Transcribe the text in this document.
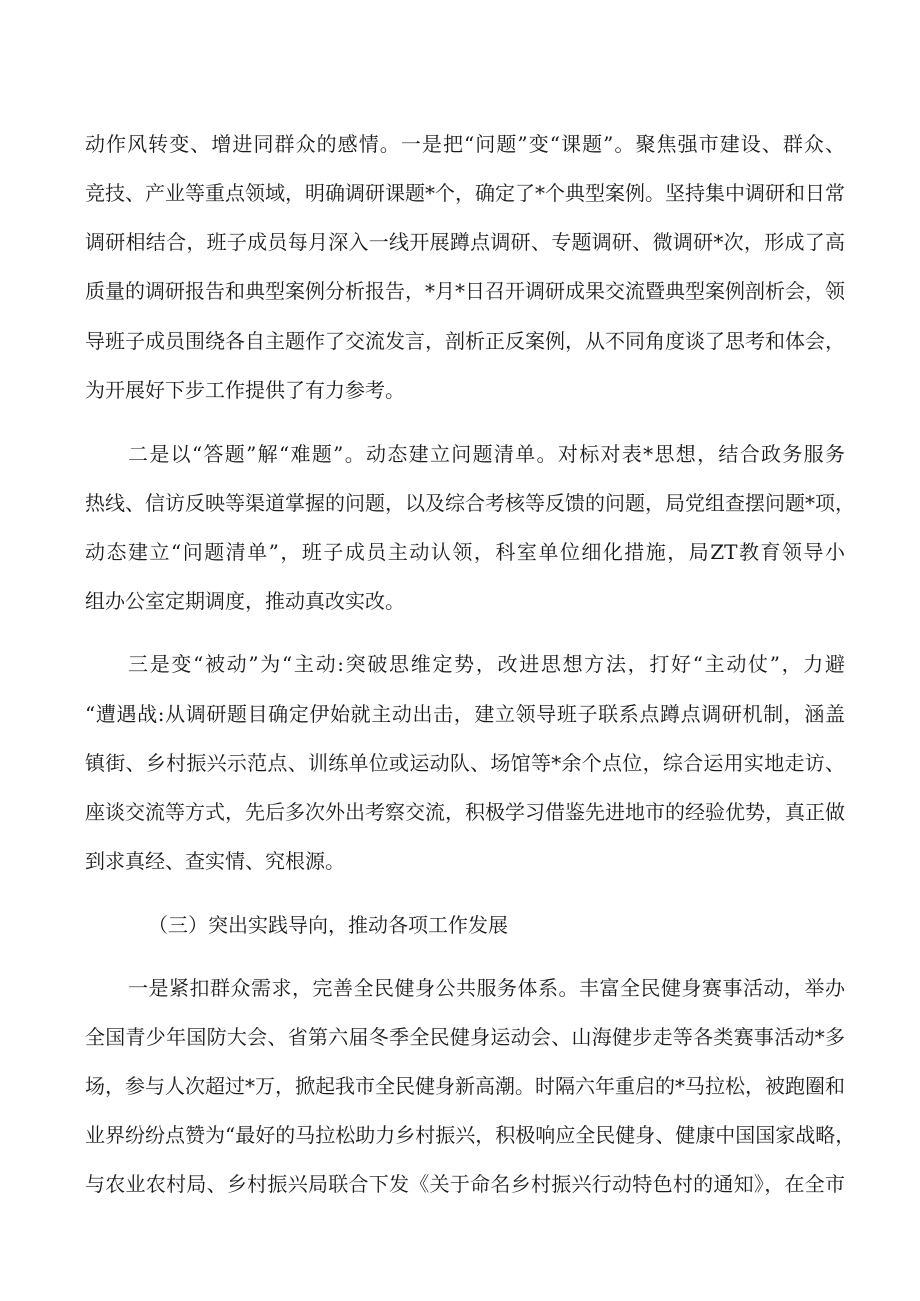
动作风转变、增进同群众的感情。一是把“问题”变“课题”。聚焦强市建设、群众、
竞技、产业等重点领域，明确调研课题*个，确定了*个典型案例。坚持集中调研和日常
调研相结合，班子成员每月深入一线开展蹲点调研、专题调研、微调研*次，形成了高
质量的调研报告和典型案例分析报告，*月*日召开调研成果交流暨典型案例剖析会，领
导班子成员围绕各自主题作了交流发言，剖析正反案例，从不同角度谈了思考和体会，
为开展好下步工作提供了有力参考。
二是以“答题”解“难题”。动态建立问题清单。对标对表*思想，结合政务服务
热线、信访反映等渠道掌握的问题，以及综合考核等反馈的问题，局党组查摆问题*项，
动态建立“问题清单”，班子成员主动认领，科室单位细化措施，局ZT教育领导小
组办公室定期调度，推动真改实改。
三是变“被动”为“主动:突破思维定势，改进思想方法，打好“主动仗”，力避
“遭遇战:从调研题目确定伊始就主动出击，建立领导班子联系点蹲点调研机制，涵盖
镇街、乡村振兴示范点、训练单位或运动队、场馆等*余个点位，综合运用实地走访、
座谈交流等方式，先后多次外出考察交流，积极学习借鉴先进地市的经验优势，真正做
到求真经、查实情、究根源。
（三）突出实践导向，推动各项工作发展
一是紧扣群众需求，完善全民健身公共服务体系。丰富全民健身赛事活动，举办
全国青少年国防大会、省第六届冬季全民健身运动会、山海健步走等各类赛事活动*多
场，参与人次超过*万，掀起我市全民健身新高潮。时隔六年重启的*马拉松，被跑圈和
业界纷纷点赞为“最好的马拉松助力乡村振兴，积极响应全民健身、健康中国国家战略，
与农业农村局、乡村振兴局联合下发《关于命名乡村振兴行动特色村的通知》，在全市
